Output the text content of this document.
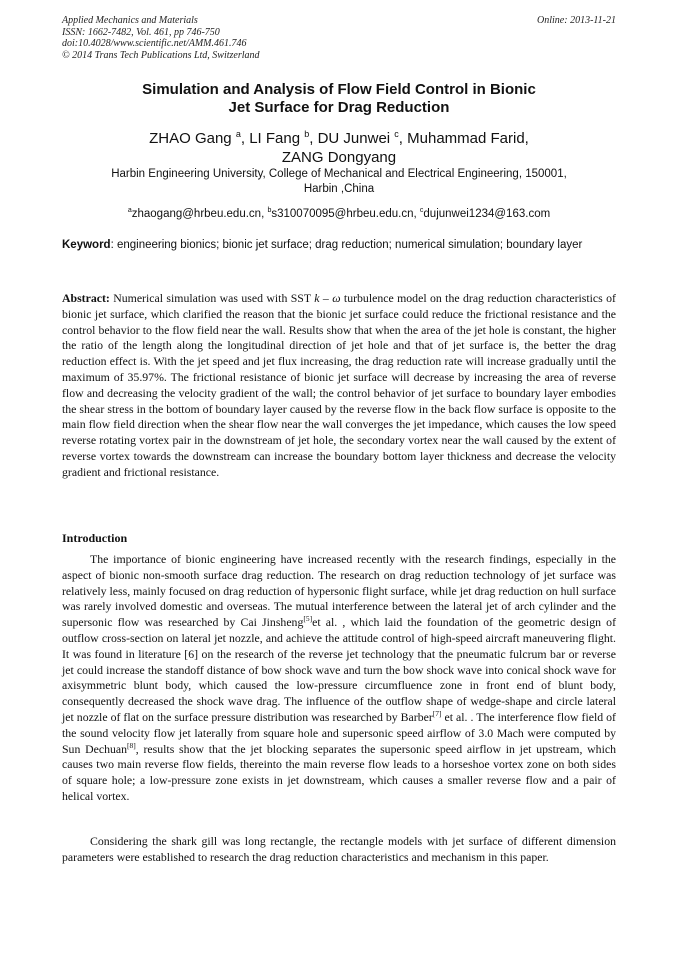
Applied Mechanics and Materials
ISSN: 1662-7482, Vol. 461, pp 746-750
doi:10.4028/www.scientific.net/AMM.461.746
© 2014 Trans Tech Publications Ltd, Switzerland
Online: 2013-11-21
Simulation and Analysis of Flow Field Control in Bionic
Jet Surface for Drag Reduction
ZHAO Gang $^a$, LI Fang $^b$, DU Junwei $^c$, Muhammad Farid,
ZANG Dongyang
Harbin Engineering University, College of Mechanical and Electrical Engineering, 150001,
Harbin ,China
$^a$zhaogang@hrbeu.edu.cn, $^b$s310070095@hrbeu.edu.cn, $^c$dujunwei1234@163.com
Keyword: engineering bionics; bionic jet surface; drag reduction; numerical simulation; boundary layer
Abstract: Numerical simulation was used with SST k – ω turbulence model on the drag reduction characteristics of bionic jet surface, which clarified the reason that the bionic jet surface could reduce the frictional resistance and the control behavior to the flow field near the wall. Results show that when the area of the jet hole is constant, the higher the ratio of the length along the longitudinal direction of jet hole and that of jet surface is, the better the drag reduction effect is. With the jet speed and jet flux increasing, the drag reduction rate will increase gradually until the maximum of 35.97%. The frictional resistance of bionic jet surface will decrease by increasing the area of reverse flow and decreasing the velocity gradient of the wall; the control behavior of jet surface to boundary layer embodies the shear stress in the bottom of boundary layer caused by the reverse flow in the back flow surface is opposite to the main flow field direction when the shear flow near the wall converges the jet impedance, which causes the low speed reverse rotating vortex pair in the downstream of jet hole, the secondary vortex near the wall caused by the extent of reverse vortex towards the downstream can increase the boundary bottom layer thickness and decrease the velocity gradient and frictional resistance.
Introduction
The importance of bionic engineering have increased recently with the research findings, especially in the aspect of bionic non-smooth surface drag reduction. The research on drag reduction technology of jet surface was relatively less, mainly focused on drag reduction of hypersonic flight surface, while jet drag reduction on hull surface was rarely involved domestic and overseas. The mutual interference between the lateral jet of arch cylinder and the supersonic flow was researched by Cai Jinsheng[5]et al. , which laid the foundation of the geometric design of outflow cross-section on lateral jet nozzle, and achieve the attitude control of high-speed aircraft maneuvering flight. It was found in literature [6] on the research of the reverse jet technology that the pneumatic fulcrum bar or reverse jet could increase the standoff distance of bow shock wave and turn the bow shock wave into conical shock wave for axisymmetric blunt body, which caused the low-pressure circumfluence zone in front end of blunt body, consequently decreased the shock wave drag. The influence of the outflow shape of wedge-shape and circle lateral jet nozzle of flat on the surface pressure distribution was researched by Barber[7] et al. . The interference flow field of the sound velocity flow jet laterally from square hole and supersonic speed airflow of 3.0 Mach were computed by Sun Dechuan[8], results show that the jet blocking separates the supersonic speed airflow in jet upstream, which causes two main reverse flow fields, thereinto the main reverse flow leads to a horseshoe vortex zone on both sides of square hole; a low-pressure zone exists in jet downstream, which causes a smaller reverse flow and a pair of helical vortex.
Considering the shark gill was long rectangle, the rectangle models with jet surface of different dimension parameters were established to research the drag reduction characteristics and mechanism in this paper.
